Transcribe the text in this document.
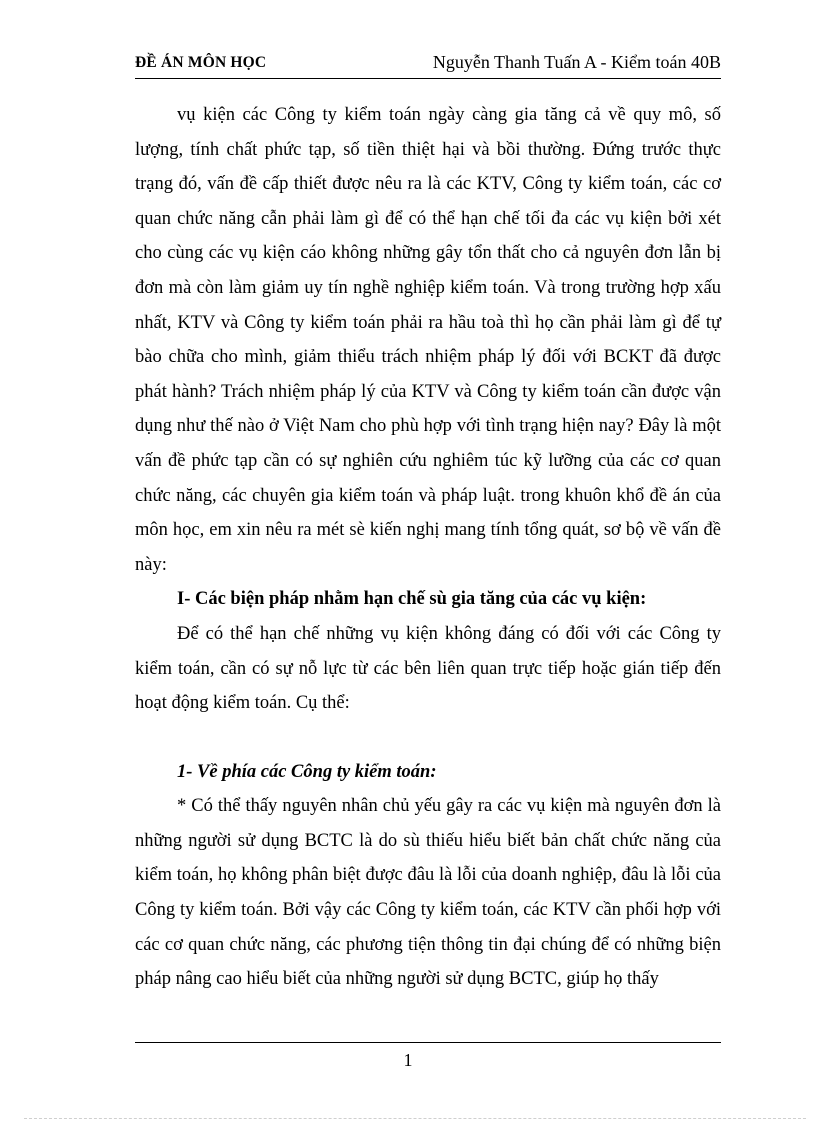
ĐỀ ÁN MÔN HỌC	Nguyễn Thanh Tuấn A - Kiểm toán 40B

vụ kiện các Công ty kiểm toán ngày càng gia tăng cả về quy mô, số lượng, tính chất phức tạp, số tiền thiệt hại và bồi thường. Đứng trước thực trạng đó, vấn đề cấp thiết được nêu ra là các KTV, Công ty kiểm toán, các cơ quan chức năng cẫn phải làm gì để có thể hạn chế tối đa các vụ kiện bởi xét cho cùng các vụ kiện cáo không những gây tổn thất cho cả nguyên đơn lẫn bị đơn mà còn làm giảm uy tín nghề nghiệp kiểm toán. Và trong trường hợp xấu nhất, KTV và Công ty kiểm toán phải ra hầu toà thì họ cần phải làm gì để tự bào chữa cho mình, giảm thiểu trách nhiệm pháp lý đối với BCKT đã được phát hành? Trách nhiệm pháp lý của KTV và Công ty kiểm toán cần được vận dụng như thế nào ở Việt Nam cho phù hợp với tình trạng hiện nay? Đây là một vấn đề phức tạp cần có sự nghiên cứu nghiêm túc kỹ lưỡng của các cơ quan chức năng, các chuyên gia kiểm toán và pháp luật. trong khuôn khổ đề án của môn học, em xin nêu ra mét sè kiến nghị mang tính tổng quát, sơ bộ về vấn đề này:

I- Các biện pháp nhằm hạn chế sù gia tăng của các vụ kiện:

Để có thể hạn chế những vụ kiện không đáng có đối với các Công ty kiểm toán, cần có sự nỗ lực từ các bên liên quan trực tiếp hoặc gián tiếp đến hoạt động kiểm toán. Cụ thể:

1- Về phía các Công ty kiểm toán:

* Có thể thấy nguyên nhân chủ yếu gây ra các vụ kiện mà nguyên đơn là những người sử dụng BCTC là do sù thiếu hiểu biết bản chất chức năng của kiểm toán, họ không phân biệt được đâu là lỗi của doanh nghiệp, đâu là lỗi của Công ty kiểm toán. Bởi vậy các Công ty kiểm toán, các KTV cần phối hợp với các cơ quan chức năng, các phương tiện thông tin đại chúng để có những biện pháp nâng cao hiểu biết của những người sử dụng BCTC, giúp họ thấy

1
